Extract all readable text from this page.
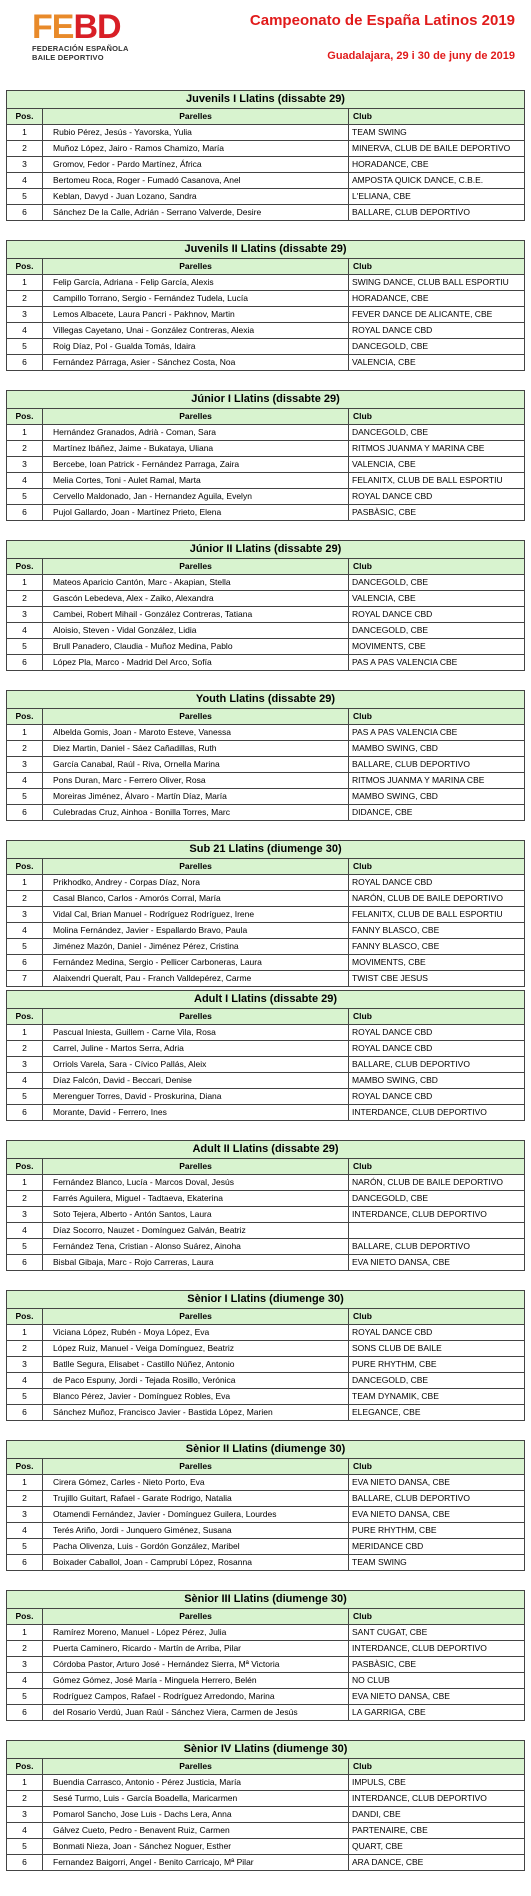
FE BD
FEDERACIÓN ESPAÑOLA
BAILE DEPORTIVO
Campeonato de España Latinos 2019
Guadalajara, 29 i 30 de juny de 2019
Juvenils I Llatins (dissabte 29)		
Pos.	Parelles	Club
1	Rubio Pérez, Jesús - Yavorska, Yulia	TEAM SWING
2	Muñoz López, Jairo - Ramos Chamizo, María	MINERVA, CLUB DE BAILE DEPORTIVO
3	Gromov, Fedor - Pardo Martínez, África	HORADANCE, CBE
4	Bertomeu Roca, Roger - Fumadó Casanova, Anel	AMPOSTA QUICK DANCE, C.B.E.
5	Keblan, Davyd - Juan Lozano, Sandra	L'ELIANA, CBE
6	Sánchez De la Calle, Adrián - Serrano Valverde, Desire	BALLARE, CLUB DEPORTIVO
Juvenils II Llatins (dissabte 29)		
Pos.	Parelles	Club
1	Felip García, Adriana - Felip García, Alexis	SWING DANCE, CLUB BALL ESPORTIU
2	Campillo Torrano, Sergio - Fernández Tudela, Lucía	HORADANCE, CBE
3	Lemos Albacete, Laura Pancri - Pakhnov, Martin	FEVER DANCE DE ALICANTE, CBE
4	Villegas Cayetano, Unai - González Contreras, Alexia	ROYAL DANCE CBD
5	Roig Díaz, Pol - Gualda Tomás, Idaira	DANCEGOLD, CBE
6	Fernández Párraga, Asier - Sánchez Costa, Noa	VALENCIA, CBE
Júnior I Llatins (dissabte 29)		
Pos.	Parelles	Club
1	Hernández Granados, Adrià - Coman, Sara	DANCEGOLD, CBE
2	Martínez Ibáñez, Jaime - Bukataya, Uliana	RITMOS JUANMA Y MARINA CBE
3	Bercebe, Ioan Patrick - Fernández Parraga, Zaira	VALENCIA, CBE
4	Melia Cortes, Toni - Aulet Ramal, Marta	FELANITX, CLUB DE BALL ESPORTIU
5	Cervello Maldonado, Jan - Hernandez Aguila, Evelyn	ROYAL DANCE CBD
6	Pujol Gallardo, Joan - Martínez Prieto, Elena	PASBÀSIC, CBE
Júnior II Llatins (dissabte 29)		
Pos.	Parelles	Club
1	Mateos Aparicio Cantón, Marc - Akapian, Stella	DANCEGOLD, CBE
2	Gascón Lebedeva, Alex - Zaiko, Alexandra	VALENCIA, CBE
3	Cambei, Robert Mihail - González Contreras, Tatiana	ROYAL DANCE CBD
4	Aloisio, Steven - Vidal González, Lidia	DANCEGOLD, CBE
5	Brull Panadero, Claudia - Muñoz Medina, Pablo	MOVIMENTS, CBE
6	López Pla, Marco - Madrid Del Arco, Sofía	PAS A PAS VALENCIA CBE
Youth Llatins (dissabte 29)		
Pos.	Parelles	Club
1	Albelda Gomis, Joan - Maroto Esteve, Vanessa	PAS A PAS VALENCIA CBE
2	Diez Martin, Daniel - Sáez Cañadillas, Ruth	MAMBO SWING, CBD
3	García Canabal, Raúl - Riva, Ornella Marina	BALLARE, CLUB DEPORTIVO
4	Pons Duran, Marc - Ferrero Oliver, Rosa	RITMOS JUANMA Y MARINA CBE
5	Moreiras Jiménez, Álvaro - Martín Díaz, María	MAMBO SWING, CBD
6	Culebradas Cruz, Ainhoa - Bonilla Torres, Marc	DIDANCE, CBE
Sub 21 Llatins (diumenge 30)		
Pos.	Parelles	Club
1	Prikhodko, Andrey - Corpas Díaz, Nora	ROYAL DANCE CBD
2	Casal Blanco, Carlos - Amorós Corral, María	NARÓN, CLUB DE BAILE DEPORTIVO
3	Vidal Cal, Brian Manuel - Rodríguez Rodríguez, Irene	FELANITX, CLUB DE BALL ESPORTIU
4	Molina Fernández, Javier - Espallardo Bravo, Paula	FANNY BLASCO, CBE
5	Jiménez Mazón, Daniel - Jiménez Pérez, Cristina	FANNY BLASCO, CBE
6	Fernández Medina, Sergio - Pellicer Carboneras, Laura	MOVIMENTS, CBE
7	Alaixendri Queralt, Pau - Franch Valldepérez, Carme	TWIST CBE JESUS
Adult I Llatins (dissabte 29)		
Pos.	Parelles	Club
1	Pascual Iniesta, Guillem - Carne Vila, Rosa	ROYAL DANCE CBD
2	Carrel, Juline - Martos Serra, Adria	ROYAL DANCE CBD
3	Orriols Varela, Sara - Cívico Pallás, Aleix	BALLARE, CLUB DEPORTIVO
4	Díaz Falcón, David - Beccari, Denise	MAMBO SWING, CBD
5	Merenguer Torres, David - Proskurina, Diana	ROYAL DANCE CBD
6	Morante, David - Ferrero, Ines	INTERDANCE, CLUB DEPORTIVO
Adult II Llatins (dissabte 29)		
Pos.	Parelles	Club
1	Fernández Blanco, Lucía - Marcos Doval, Jesús	NARÓN, CLUB DE BAILE DEPORTIVO
2	Farrés Aguilera, Miguel - Tadtaeva, Ekaterina	DANCEGOLD, CBE
3	Soto Tejera, Alberto - Antón Santos, Laura	INTERDANCE, CLUB DEPORTIVO
4	Díaz Socorro, Nauzet - Domínguez Galván, Beatriz	
5	Fernández Tena, Cristian - Alonso Suárez, Ainoha	BALLARE, CLUB DEPORTIVO
6	Bisbal Gibaja, Marc - Rojo Carreras, Laura	EVA NIETO DANSA, CBE
Sènior I Llatins (diumenge 30)		
Pos.	Parelles	Club
1	Viciana López, Rubén - Moya López, Eva	ROYAL DANCE CBD
2	López Ruiz, Manuel - Veiga Domínguez, Beatriz	SONS CLUB DE BAILE
3	Batlle Segura, Elisabet - Castillo Núñez, Antonio	PURE RHYTHM, CBE
4	de Paco Espuny, Jordi - Tejada Rosillo, Verónica	DANCEGOLD, CBE
5	Blanco Pérez, Javier - Domínguez Robles, Eva	TEAM DYNAMIK, CBE
6	Sánchez Muñoz, Francisco Javier - Bastida López, Marien	ELEGANCE, CBE
Sènior II Llatins (diumenge 30)		
Pos.	Parelles	Club
1	Cirera Gómez, Carles - Nieto Porto, Eva	EVA NIETO DANSA, CBE
2	Trujillo Guitart, Rafael - Garate Rodrigo, Natalia	BALLARE, CLUB DEPORTIVO
3	Otamendi Fernández, Javier - Domínguez Guilera, Lourdes	EVA NIETO DANSA, CBE
4	Terés Ariño, Jordi - Junquero Giménez, Susana	PURE RHYTHM, CBE
5	Pacha Olivenza, Luis - Gordón González, Maribel	MERIDANCE CBD
6	Boixader Caballol, Joan - Camprubí López, Rosanna	TEAM SWING
Sènior III Llatins (diumenge 30)		
Pos.	Parelles	Club
1	Ramírez Moreno, Manuel - López Pérez, Julia	SANT CUGAT, CBE
2	Puerta Caminero, Ricardo - Martín de Arriba, Pilar	INTERDANCE, CLUB DEPORTIVO
3	Córdoba Pastor, Arturo José - Hernández Sierra, Mª Victoria	PASBÀSIC, CBE
4	Gómez Gómez, José María - Minguela Herrero, Belén	NO CLUB
5	Rodríguez Campos, Rafael - Rodríguez Arredondo, Marina	EVA NIETO DANSA, CBE
6	del Rosario Verdú, Juan Raúl - Sánchez Viera, Carmen de Jesús	LA GARRIGA, CBE
Sènior IV Llatins (diumenge 30)		
Pos.	Parelles	Club
1	Buendia Carrasco, Antonio - Pérez Justicia, María	IMPULS, CBE
2	Sesé Turmo, Luis - García Boadella, Maricarmen	INTERDANCE, CLUB DEPORTIVO
3	Pomarol Sancho, Jose Luis - Dachs Lera, Anna	DANDI, CBE
4	Gálvez Cueto, Pedro - Benavent Ruiz, Carmen	PARTENAIRE, CBE
5	Bonmati Nieza, Joan - Sánchez Noguer, Esther	QUART, CBE
6	Fernandez Baigorri, Angel - Benito Carricajo, Mª Pilar	ARA DANCE, CBE
